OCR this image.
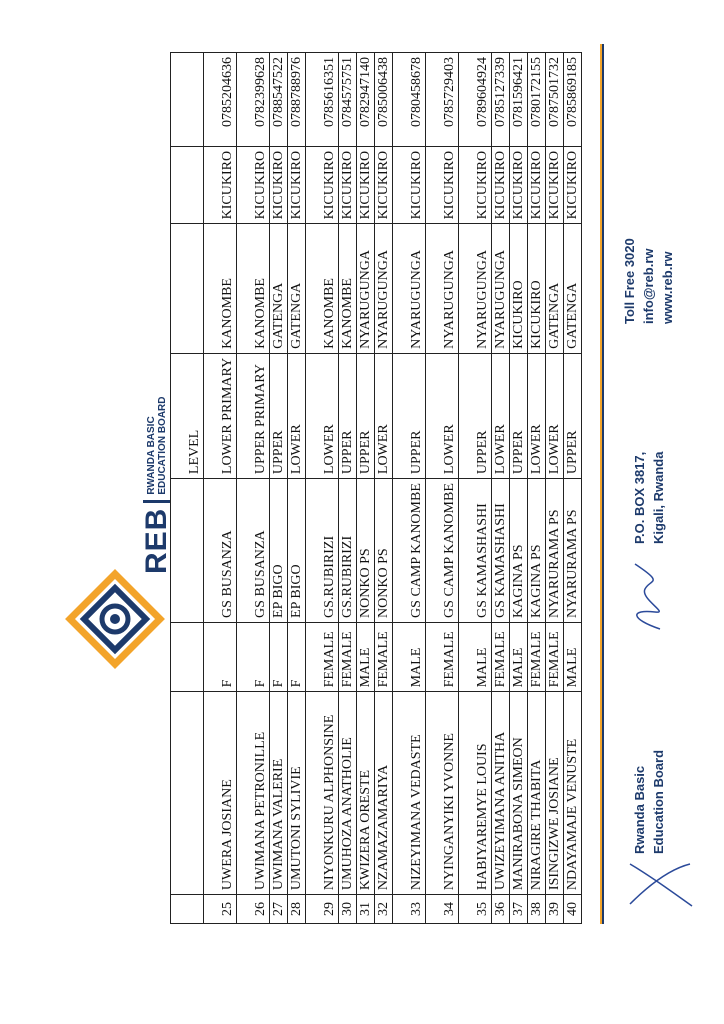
REB
RWANDA BASIC
EDUCATION BOARD
				LEVEL			
25	UWERA JOSIANE	F	GS BUSANZA	LOWER PRIMARY	KANOMBE	KICUKIRO	0785204636
26	UWIMANA PETRONILLE	F	GS BUSANZA	UPPER PRIMARY	KANOMBE	KICUKIRO	0782399628
27	UWIMANA VALERIE	F	EP BIGO	UPPER	GATENGA	KICUKIRO	0788547522
28	UMUTONI SYLIVIE	F	EP BIGO	LOWER	GATENGA	KICUKIRO	0788788976
29	NIYONKURU ALPHONSINE	FEMALE	GS.RUBIRIZI	LOWER	KANOMBE	KICUKIRO	0785616351
30	UMUHOZA ANATHOLIE	FEMALE	GS.RUBIRIZI	UPPER	KANOMBE	KICUKIRO	0784575751
31	KWIZERA ORESTE	MALE	NONKO PS	UPPER	NYARUGUNGA	KICUKIRO	0782947140
32	NZAMAZAMARIYA	FEMALE	NONKO PS	LOWER	NYARUGUNGA	KICUKIRO	0785006438
33	NIZEYIMANA VEDASTE	MALE	GS CAMP KANOMBE	UPPER	NYARUGUNGA	KICUKIRO	0780458678
34	NYINGANYIKI YVONNE	FEMALE	GS CAMP KANOMBE	LOWER	NYARUGUNGA	KICUKIRO	0785729403
35	HABIYAREMYE LOUIS	MALE	GS KAMASHASHI	UPPER	NYARUGUNGA	KICUKIRO	0789604924
36	UWIZEYIMANA ANITHA	FEMALE	GS KAMASHASHI	LOWER	NYARUGUNGA	KICUKIRO	0785127339
37	MANIRABONA SIMEON	MALE	KAGINA PS	UPPER	KICUKIRO	KICUKIRO	0781596421
38	NIRAGIRE THABITA	FEMALE	KAGINA PS	LOWER	KICUKIRO	KICUKIRO	0780172155
39	ISINGIZWE JOSIANE	FEMALE	NYARURAMA PS	LOWER	GATENGA	KICUKIRO	0787501732
40	NDAYAMAJE VENUSTE	MALE	NYARURAMA PS	UPPER	GATENGA	KICUKIRO	0785869185
Rwanda Basic Education Board
P.O. BOX 3817, Kigali, Rwanda
Toll Free 3020 info@reb.rw www.reb.rw
